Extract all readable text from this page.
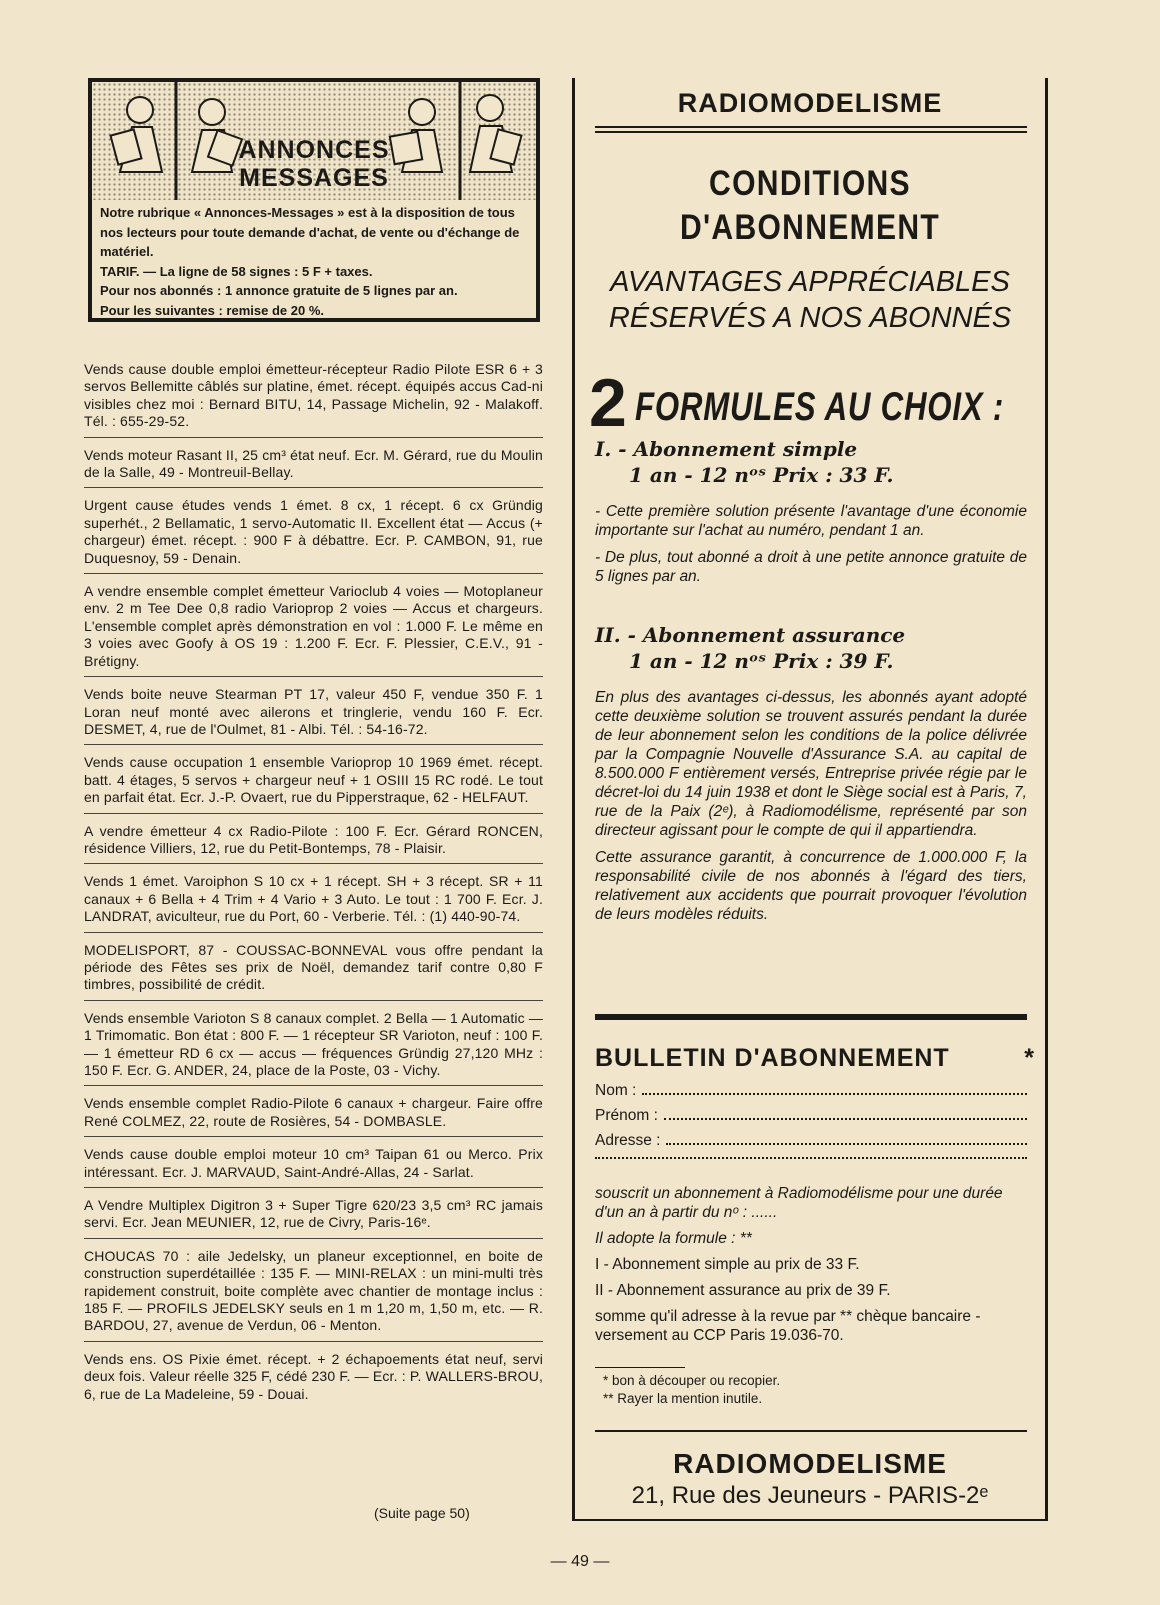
ANNONCES
MESSAGES

Notre rubrique « Annonces-Messages » est à la disposition de tous nos lecteurs pour toute demande d'achat, de vente ou d'échange de matériel.

TARIF. — La ligne de 58 signes : 5 F + taxes.

Pour nos abonnés : 1 annonce gratuite de 5 lignes par an.

Pour les suivantes : remise de 20 %.

Vends cause double emploi émetteur-récepteur Radio Pilote ESR 6 + 3 servos Bellemitte câblés sur platine, émet. récept. équipés accus Cad-ni visibles chez moi : Bernard BITU, 14, Passage Michelin, 92 - Malakoff. Tél. : 655-29-52.
Vends moteur Rasant II, 25 cm³ état neuf. Ecr. M. Gérard, rue du Moulin de la Salle, 49 - Montreuil-Bellay.
Urgent cause études vends 1 émet. 8 cx, 1 récept. 6 cx Gründig superhét., 2 Bellamatic, 1 servo-Automatic II. Excellent état — Accus (+ chargeur) émet. récept. : 900 F à débattre. Ecr. P. CAMBON, 91, rue Duquesnoy, 59 - Denain.
A vendre ensemble complet émetteur Varioclub 4 voies — Motoplaneur env. 2 m Tee Dee 0,8 radio Varioprop 2 voies — Accus et chargeurs. L'ensemble complet après démonstration en vol : 1.000 F. Le même en 3 voies avec Goofy à OS 19 : 1.200 F. Ecr. F. Plessier, C.E.V., 91 - Brétigny.
Vends boite neuve Stearman PT 17, valeur 450 F, vendue 350 F. 1 Loran neuf monté avec ailerons et tringlerie, vendu 160 F. Ecr. DESMET, 4, rue de l'Oulmet, 81 - Albi. Tél. : 54-16-72.
Vends cause occupation 1 ensemble Varioprop 10 1969 émet. récept. batt. 4 étages, 5 servos + chargeur neuf + 1 OSIII 15 RC rodé. Le tout en parfait état. Ecr. J.-P. Ovaert, rue du Pipperstraque, 62 - HELFAUT.
A vendre émetteur 4 cx Radio-Pilote : 100 F. Ecr. Gérard RONCEN, résidence Villiers, 12, rue du Petit-Bontemps, 78 - Plaisir.
Vends 1 émet. Varoiphon S 10 cx + 1 récept. SH + 3 récept. SR + 11 canaux + 6 Bella + 4 Trim + 4 Vario + 3 Auto. Le tout : 1 700 F. Ecr. J. LANDRAT, aviculteur, rue du Port, 60 - Verberie. Tél. : (1) 440-90-74.
MODELISPORT, 87 - COUSSAC-BONNEVAL vous offre pendant la période des Fêtes ses prix de Noël, demandez tarif contre 0,80 F timbres, possibilité de crédit.
Vends ensemble Varioton S 8 canaux complet. 2 Bella — 1 Automatic — 1 Trimomatic. Bon état : 800 F. — 1 récepteur SR Varioton, neuf : 100 F. — 1 émetteur RD 6 cx — accus — fréquences Gründig 27,120 MHz : 150 F. Ecr. G. ANDER, 24, place de la Poste, 03 - Vichy.
Vends ensemble complet Radio-Pilote 6 canaux + chargeur. Faire offre René COLMEZ, 22, route de Rosières, 54 - DOMBASLE.
Vends cause double emploi moteur 10 cm³ Taipan 61 ou Merco. Prix intéressant. Ecr. J. MARVAUD, Saint-André-Allas, 24 - Sarlat.
A Vendre Multiplex Digitron 3 + Super Tigre 620/23 3,5 cm³ RC jamais servi. Ecr. Jean MEUNIER, 12, rue de Civry, Paris-16ᵉ.
CHOUCAS 70 : aile Jedelsky, un planeur exceptionnel, en boite de construction superdétaillée : 135 F. — MINI-RELAX : un mini-multi très rapidement construit, boite complète avec chantier de montage inclus : 185 F. — PROFILS JEDELSKY seuls en 1 m 1,20 m, 1,50 m, etc. — R. BARDOU, 27, avenue de Verdun, 06 - Menton.
Vends ens. OS Pixie émet. récept. + 2 échapoements état neuf, servi deux fois. Valeur réelle 325 F, cédé 230 F. — Ecr. : P. WALLERS-BROU, 6, rue de La Madeleine, 59 - Douai.
(Suite page 50)
RADIOMODELISME
CONDITIONS
D'ABONNEMENT
AVANTAGES APPRÉCIABLES
RÉSERVÉS A NOS ABONNÉS
2 FORMULES AU CHOIX :
I. - Abonnement simple
1 an - 12 nᵒˢ Prix : 33 F.

- Cette première solution présente l'avantage d'une économie importante sur l'achat au numéro, pendant 1 an.

- De plus, tout abonné a droit à une petite annonce gratuite de 5 lignes par an.

II. - Abonnement assurance
1 an - 12 nᵒˢ Prix : 39 F.

En plus des avantages ci-dessus, les abonnés ayant adopté cette deuxième solution se trouvent assurés pendant la durée de leur abonnement selon les conditions de la police délivrée par la Compagnie Nouvelle d'Assurance S.A. au capital de 8.500.000 F entièrement versés, Entreprise privée régie par le décret-loi du 14 juin 1938 et dont le Siège social est à Paris, 7, rue de la Paix (2ᵉ), à Radiomodélisme, représenté par son directeur agissant pour le compte de qui il appartiendra.

Cette assurance garantit, à concurrence de 1.000.000 F, la responsabilité civile de nos abonnés à l'égard des tiers, relativement aux accidents que pourrait provoquer l'évolution de leurs modèles réduits.

BULLETIN D'ABONNEMENT	*
Nom :
Prénom :
Adresse :

souscrit un abonnement à Radiomodélisme pour une durée d'un an à partir du nᵒ : ......

Il adopte la formule : **

I - Abonnement simple au prix de 33 F.

II - Abonnement assurance au prix de 39 F.

somme qu'il adresse à la revue par ** chèque bancaire - versement au CCP Paris 19.036-70.

* bon à découper ou recopier.
** Rayer la mention inutile.
RADIOMODELISME
21, Rue des Jeuneurs - PARIS-2ᵉ
— 49 —
